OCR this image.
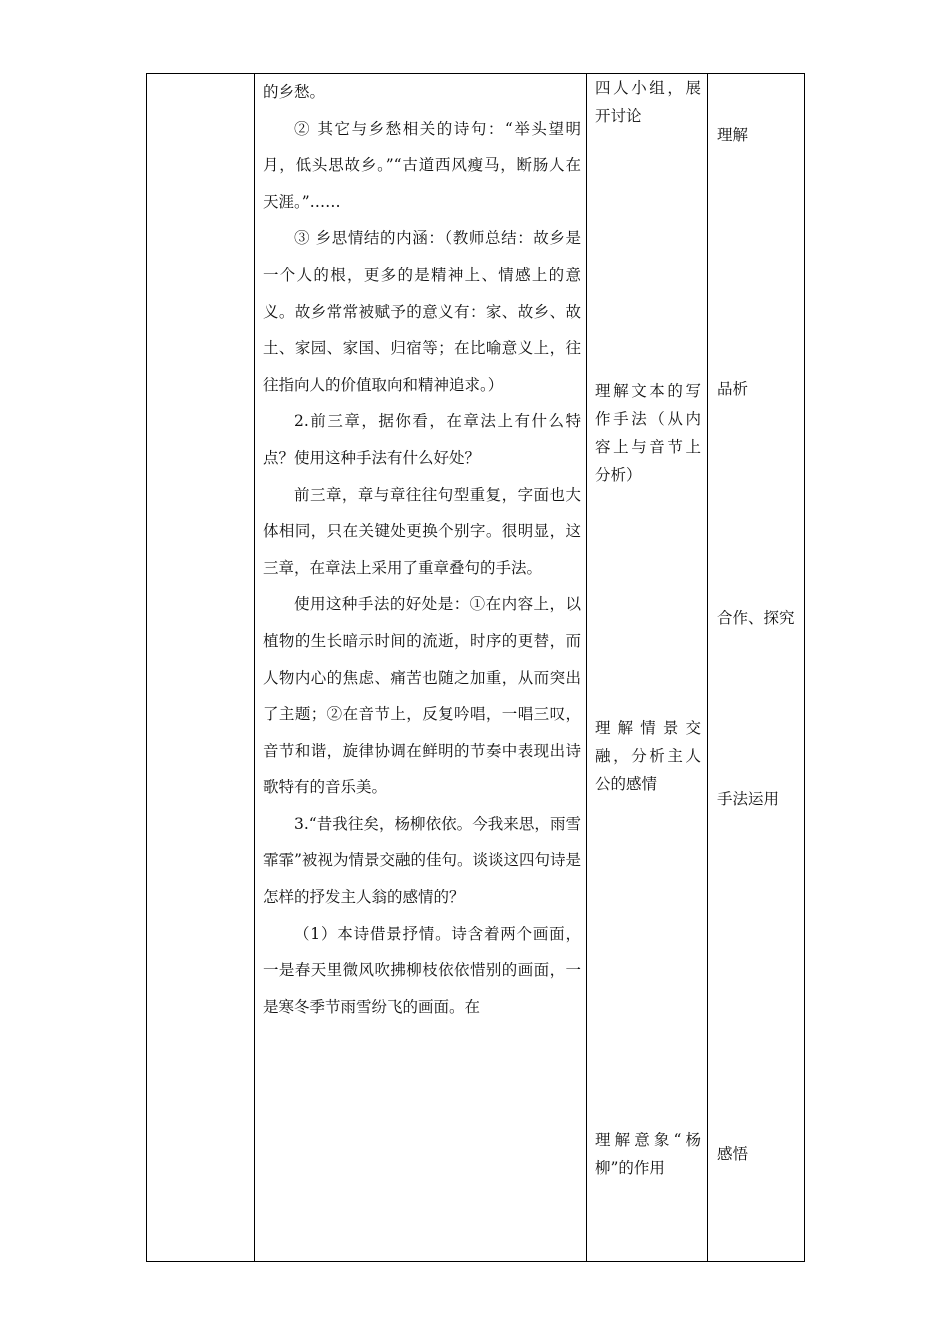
的乡愁。

② 其它与乡愁相关的诗句：“举头望明月，低头思故乡。”“古道西风瘦马，断肠人在天涯。”……

③ 乡思情结的内涵：（教师总结：故乡是一个人的根，更多的是精神上、情感上的意义。故乡常常被赋予的意义有：家、故乡、故土、家园、家国、归宿等；在比喻意义上，往往指向人的价值取向和精神追求。）

2.前三章，据你看，在章法上有什么特点？使用这种手法有什么好处？

前三章，章与章往往句型重复，字面也大体相同，只在关键处更换个别字。很明显，这三章，在章法上采用了重章叠句的手法。

使用这种手法的好处是：①在内容上，以植物的生长暗示时间的流逝，时序的更替，而人物内心的焦虑、痛苦也随之加重，从而突出了主题；②在音节上，反复吟唱，一唱三叹，音节和谐，旋律协调在鲜明的节奏中表现出诗歌特有的音乐美。

3.“昔我往矣，杨柳依依。今我来思，雨雪霏霏”被视为情景交融的佳句。谈谈这四句诗是怎样的抒发主人翁的感情的？

（1）本诗借景抒情。诗含着两个画面，一是春天里微风吹拂柳枝依依惜别的画面，一是寒冬季节雨雪纷飞的画面。在

四人小组，展开讨论

理解文本的写作手法（从内容上与音节上分析）

理解情景交融，分析主人公的感情

理解意象“杨柳”的作用

理解

品析

合作、探究

手法运用

感悟
